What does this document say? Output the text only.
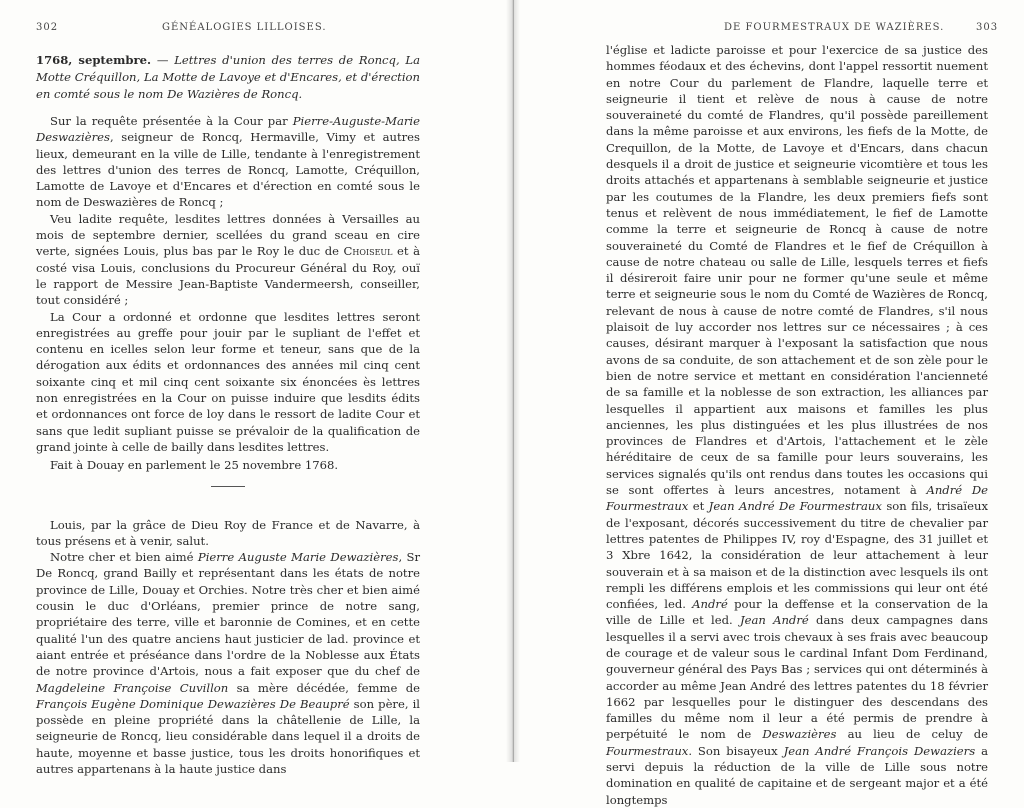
302	GÉNÉALOGIES LILLOISES.

1768, septembre. — Lettres d'union des terres de Roncq, La Motte Créquillon, La Motte de Lavoye et d'Encares, et d'érection en comté sous le nom De Wazières de Roncq.

Sur la requête présentée à la Cour par Pierre-Auguste-Marie Deswazières, seigneur de Roncq, Hermaville, Vimy et autres lieux, demeurant en la ville de Lille, tendante à l'enregistrement des lettres d'union des terres de Roncq, Lamotte, Créquillon, Lamotte de Lavoye et d'Encares et d'érection en comté sous le nom de Deswazières de Roncq ;

Veu ladite requête, lesdites lettres données à Versailles au mois de septembre dernier, scellées du grand sceau en cire verte, signées Louis, plus bas par le Roy le duc de Choiseul et à costé visa Louis, conclusions du Procureur Général du Roy, ouï le rapport de Messire Jean-Baptiste Vandermeersh, conseiller, tout considéré ;

La Cour a ordonné et ordonne que lesdites lettres seront enregistrées au greffe pour jouir par le supliant de l'effet et contenu en icelles selon leur forme et teneur, sans que de la dérogation aux édits et ordonnances des années mil cinq cent soixante cinq et mil cinq cent soixante six énoncées ès lettres non enregistrées en la Cour on puisse induire que lesdits édits et ordonnances ont force de loy dans le ressort de ladite Cour et sans que ledit supliant puisse se prévaloir de la qualification de grand jointe à celle de bailly dans lesdites lettres.

Fait à Douay en parlement le 25 novembre 1768.

Louis, par la grâce de Dieu Roy de France et de Navarre, à tous présens et à venir, salut.

Notre cher et bien aimé Pierre Auguste Marie Dewazières, Sr De Roncq, grand Bailly et représentant dans les états de notre province de Lille, Douay et Orchies. Notre très cher et bien aimé cousin le duc d'Orléans, premier prince de notre sang, propriétaire des terre, ville et baronnie de Comines, et en cette qualité l'un des quatre anciens haut justicier de lad. province et aiant entrée et préséance dans l'ordre de la Noblesse aux États de notre province d'Artois, nous a fait exposer que du chef de Magdeleine Françoise Cuvillon sa mère décédée, femme de François Eugène Dominique Dewazières De Beaupré son père, il possède en pleine propriété dans la châtellenie de Lille, la seigneurie de Roncq, lieu considérable dans lequel il a droits de haute, moyenne et basse justice, tous les droits honorifiques et autres appartenans à la haute justice dans

DE FOURMESTRAUX DE WAZIÈRES.	303

l'église et ladicte paroisse et pour l'exercice de sa justice des hommes féodaux et des échevins, dont l'appel ressortit nuement en notre Cour du parlement de Flandre, laquelle terre et seigneurie il tient et relève de nous à cause de notre souveraineté du comté de Flandres, qu'il possède pareillement dans la même paroisse et aux environs, les fiefs de la Motte, de Crequillon, de la Motte, de Lavoye et d'Encars, dans chacun desquels il a droit de justice et seigneurie vicomtière et tous les droits attachés et appartenans à semblable seigneurie et justice par les coutumes de la Flandre, les deux premiers fiefs sont tenus et relèvent de nous immédiatement, le fief de Lamotte comme la terre et seigneurie de Roncq à cause de notre souveraineté du Comté de Flandres et le fief de Créquillon à cause de notre chateau ou salle de Lille, lesquels terres et fiefs il désireroit faire unir pour ne former qu'une seule et même terre et seigneurie sous le nom du Comté de Wazières de Roncq, relevant de nous à cause de notre comté de Flandres, s'il nous plaisoit de luy accorder nos lettres sur ce nécessaires ; à ces causes, désirant marquer à l'exposant la satisfaction que nous avons de sa conduite, de son attachement et de son zèle pour le bien de notre service et mettant en considération l'ancienneté de sa famille et la noblesse de son extraction, les alliances par lesquelles il appartient aux maisons et familles les plus anciennes, les plus distinguées et les plus illustrées de nos provinces de Flandres et d'Artois, l'attachement et le zèle héréditaire de ceux de sa famille pour leurs souverains, les services signalés qu'ils ont rendus dans toutes les occasions qui se sont offertes à leurs ancestres, notament à André De Fourmestraux et Jean André De Fourmestraux son fils, trisaïeux de l'exposant, décorés successivement du titre de chevalier par lettres patentes de Philippes IV, roy d'Espagne, des 31 juillet et 3 Xbre 1642, la considération de leur attachement à leur souverain et à sa maison et de la distinction avec lesquels ils ont rempli les différens emplois et les commissions qui leur ont été confiées, led. André pour la deffense et la conservation de la ville de Lille et led. Jean André dans deux campagnes dans lesquelles il a servi avec trois chevaux à ses frais avec beaucoup de courage et de valeur sous le cardinal Infant Dom Ferdinand, gouverneur général des Pays Bas ; services qui ont déterminés à accorder au même Jean André des lettres patentes du 18 février 1662 par lesquelles pour le distinguer des descendans des familles du même nom il leur a été permis de prendre à perpétuité le nom de Deswazières au lieu de celuy de Fourmestraux. Son bisayeux Jean André François Dewaziers a servi depuis la réduction de la ville de Lille sous notre domination en qualité de capitaine et de sergeant major et a été longtemps
